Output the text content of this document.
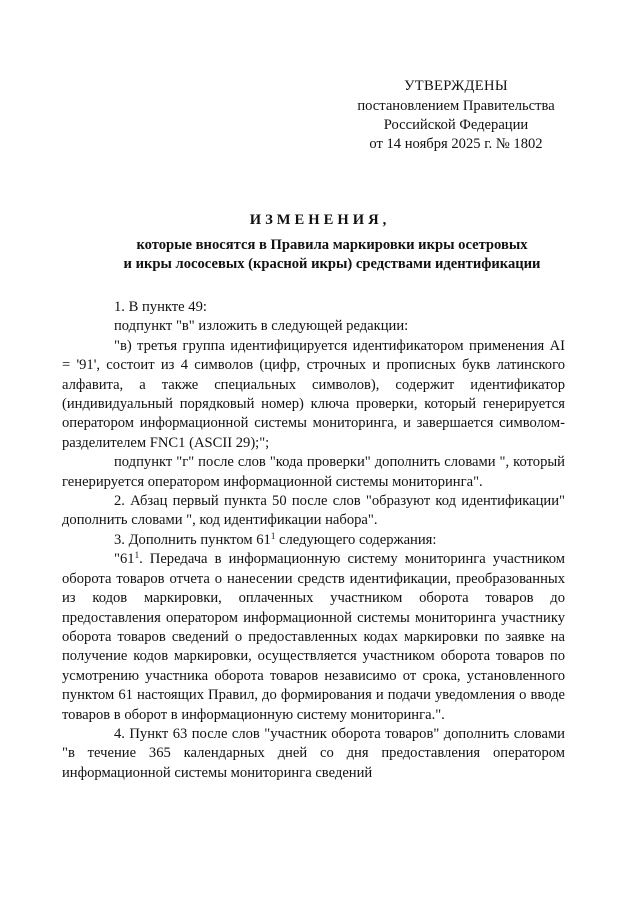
УТВЕРЖДЕНЫ
постановлением Правительства
Российской Федерации
от 14 ноября 2025 г. № 1802
ИЗМЕНЕНИЯ,
которые вносятся в Правила маркировки икры осетровых
и икры лососевых (красной икры) средствами идентификации

1. В пункте 49:

подпункт "в" изложить в следующей редакции:

"в) третья группа идентифицируется идентификатором применения AI = '91', состоит из 4 символов (цифр, строчных и прописных букв латинского алфавита, а также специальных символов), содержит идентификатор (индивидуальный порядковый номер) ключа проверки, который генерируется оператором информационной системы мониторинга, и завершается символом-разделителем FNC1 (ASCII 29);";

подпункт "г" после слов "кода проверки" дополнить словами ", который генерируется оператором информационной системы мониторинга".

2. Абзац первый пункта 50 после слов "образуют код идентификации" дополнить словами ", код идентификации набора".

3. Дополнить пунктом $61^1$ следующего содержания:

"$61^1$. Передача в информационную систему мониторинга участником оборота товаров отчета о нанесении средств идентификации, преобразованных из кодов маркировки, оплаченных участником оборота товаров до предоставления оператором информационной системы мониторинга участнику оборота товаров сведений о предоставленных кодах маркировки по заявке на получение кодов маркировки, осуществляется участником оборота товаров по усмотрению участника оборота товаров независимо от срока, установленного пунктом 61 настоящих Правил, до формирования и подачи уведомления о вводе товаров в оборот в информационную систему мониторинга.".

4. Пункт 63 после слов "участник оборота товаров" дополнить словами "в течение 365 календарных дней со дня предоставления оператором информационной системы мониторинга сведений
